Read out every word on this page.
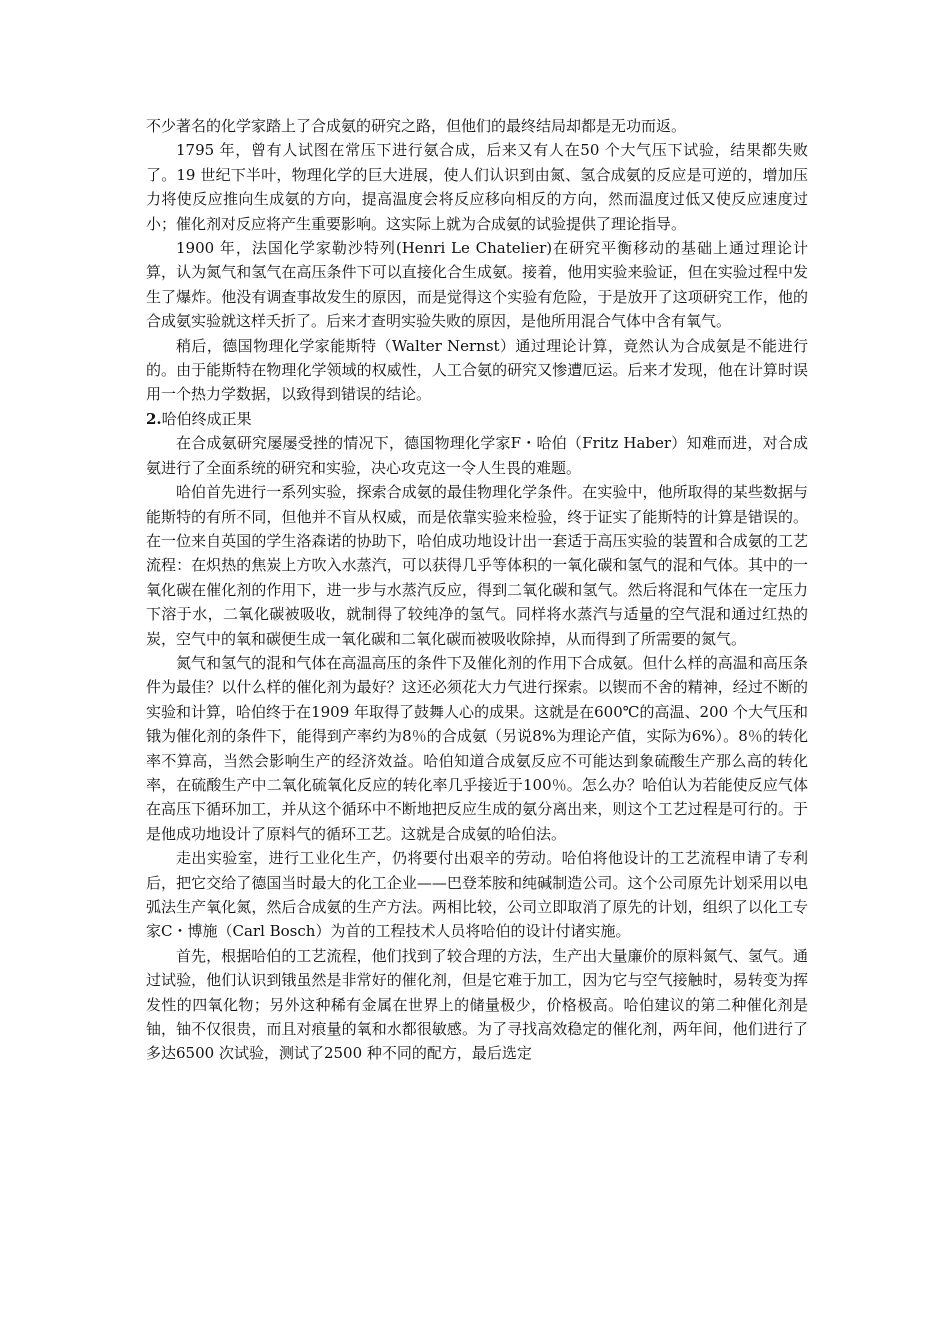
不少著名的化学家踏上了合成氨的研究之路，但他们的最终结局却都是无功而返。

1795 年，曾有人试图在常压下进行氨合成，后来又有人在50 个大气压下试验，结果都失败了。19 世纪下半叶，物理化学的巨大进展，使人们认识到由氮、氢合成氨的反应是可逆的，增加压力将使反应推向生成氨的方向，提高温度会将反应移向相反的方向，然而温度过低又使反应速度过小；催化剂对反应将产生重要影响。这实际上就为合成氨的试验提供了理论指导。

1900 年，法国化学家勒沙特列(Henri Le Chatelier)在研究平衡移动的基础上通过理论计算，认为氮气和氢气在高压条件下可以直接化合生成氨。接着，他用实验来验证，但在实验过程中发生了爆炸。他没有调查事故发生的原因，而是觉得这个实验有危险，于是放开了这项研究工作，他的合成氨实验就这样夭折了。后来才查明实验失败的原因，是他所用混合气体中含有氧气。

稍后，德国物理化学家能斯特（Walter Nernst）通过理论计算，竟然认为合成氨是不能进行的。由于能斯特在物理化学领域的权威性，人工合氨的研究又惨遭厄运。后来才发现，他在计算时误用一个热力学数据，以致得到错误的结论。

2.哈伯终成正果

在合成氨研究屡屡受挫的情况下，德国物理化学家F・哈伯（Fritz Haber）知难而进，对合成氨进行了全面系统的研究和实验，决心攻克这一令人生畏的难题。

哈伯首先进行一系列实验，探索合成氨的最佳物理化学条件。在实验中，他所取得的某些数据与能斯特的有所不同，但他并不盲从权威，而是依靠实验来检验，终于证实了能斯特的计算是错误的。在一位来自英国的学生洛森诺的协助下，哈伯成功地设计出一套适于高压实验的装置和合成氨的工艺流程：在炽热的焦炭上方吹入水蒸汽，可以获得几乎等体积的一氧化碳和氢气的混和气体。其中的一氧化碳在催化剂的作用下，进一步与水蒸汽反应，得到二氧化碳和氢气。然后将混和气体在一定压力下溶于水，二氧化碳被吸收，就制得了较纯净的氢气。同样将水蒸汽与适量的空气混和通过红热的炭，空气中的氧和碳便生成一氧化碳和二氧化碳而被吸收除掉，从而得到了所需要的氮气。

氮气和氢气的混和气体在高温高压的条件下及催化剂的作用下合成氨。但什么样的高温和高压条件为最佳？以什么样的催化剂为最好？这还必须花大力气进行探索。以锲而不舍的精神，经过不断的实验和计算，哈伯终于在1909 年取得了鼓舞人心的成果。这就是在600℃的高温、200 个大气压和锇为催化剂的条件下，能得到产率约为8％的合成氨（另说8%为理论产值，实际为6%）。8％的转化率不算高，当然会影响生产的经济效益。哈伯知道合成氨反应不可能达到象硫酸生产那么高的转化率，在硫酸生产中二氧化硫氧化反应的转化率几乎接近于100％。怎么办？哈伯认为若能使反应气体在高压下循环加工，并从这个循环中不断地把反应生成的氨分离出来，则这个工艺过程是可行的。于是他成功地设计了原料气的循环工艺。这就是合成氨的哈伯法。

走出实验室，进行工业化生产，仍将要付出艰辛的劳动。哈伯将他设计的工艺流程申请了专利后，把它交给了德国当时最大的化工企业——巴登苯胺和纯碱制造公司。这个公司原先计划采用以电弧法生产氧化氮，然后合成氨的生产方法。两相比较，公司立即取消了原先的计划，组织了以化工专家C・博施（Carl Bosch）为首的工程技术人员将哈伯的设计付诸实施。

首先，根据哈伯的工艺流程，他们找到了较合理的方法，生产出大量廉价的原料氮气、氢气。通过试验，他们认识到锇虽然是非常好的催化剂，但是它难于加工，因为它与空气接触时，易转变为挥发性的四氧化物；另外这种稀有金属在世界上的储量极少，价格极高。哈伯建议的第二种催化剂是铀，铀不仅很贵，而且对痕量的氧和水都很敏感。为了寻找高效稳定的催化剂，两年间，他们进行了多达6500 次试验，测试了2500 种不同的配方，最后选定
